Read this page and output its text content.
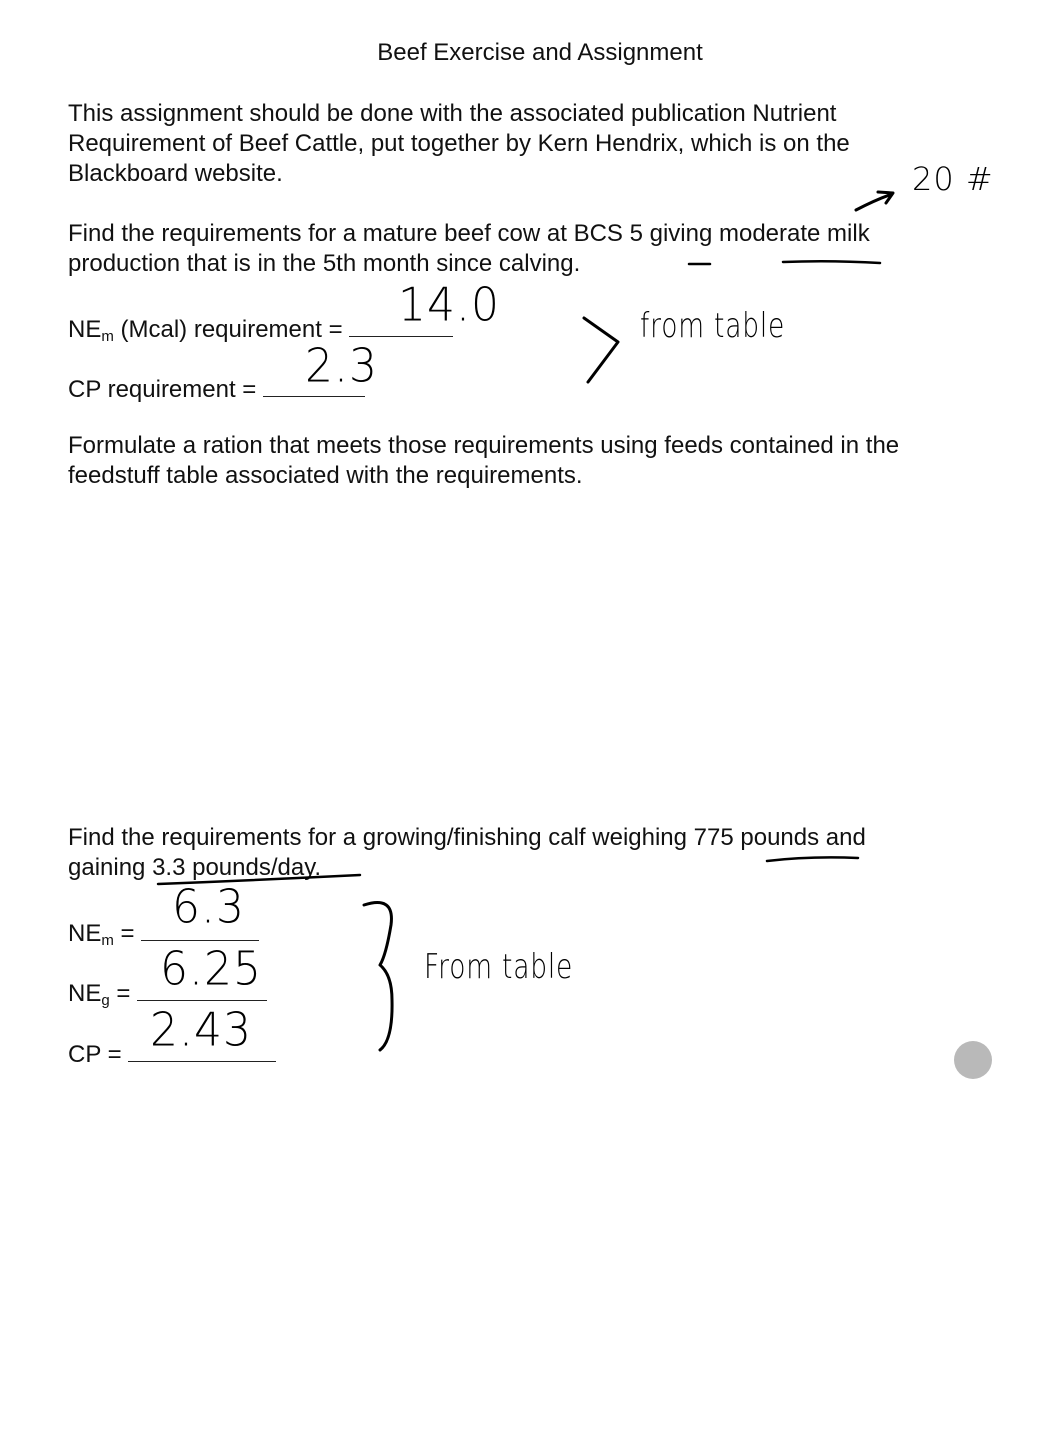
Beef Exercise and Assignment
This assignment should be done with the associated publication Nutrient
Requirement of Beef Cattle, put together by Kern Hendrix, which is on the
Blackboard website.	20 #
Find the requirements for a mature beef cow at BCS 5 giving moderate milk
production that is in the 5th month since calving.
$NE_m$ (Mcal) requirement =	14.0
CP requirement = 2.3
from table
Formulate a ration that meets those requirements using feeds contained in the
feedstuff table associated with the requirements.
Find the requirements for a growing/finishing calf weighing 775 pounds and
gaining 3.3 pounds/day.
$NE_m = 6.3$
$NE_g = 6.25$
CP = 2.43
From table
